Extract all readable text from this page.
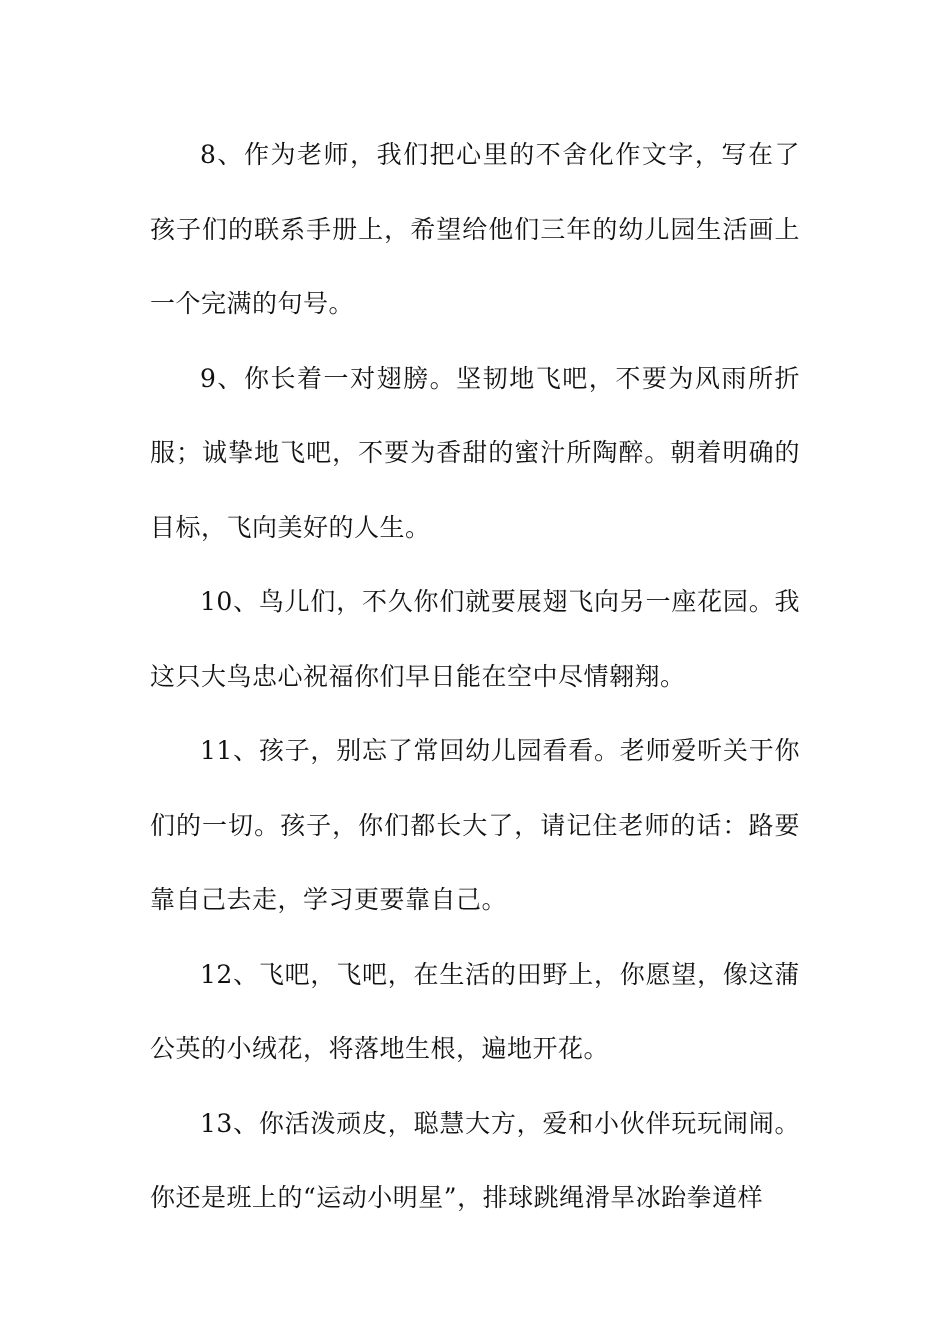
8、作为老师，我们把心里的不舍化作文字，写在了孩子们的联系手册上，希望给他们三年的幼儿园生活画上一个完满的句号。

9、你长着一对翅膀。坚韧地飞吧，不要为风雨所折服；诚挚地飞吧，不要为香甜的蜜汁所陶醉。朝着明确的目标，飞向美好的人生。

10、鸟儿们，不久你们就要展翅飞向另一座花园。我这只大鸟忠心祝福你们早日能在空中尽情翱翔。

11、孩子，别忘了常回幼儿园看看。老师爱听关于你们的一切。孩子，你们都长大了，请记住老师的话：路要靠自己去走，学习更要靠自己。

12、飞吧，飞吧，在生活的田野上，你愿望，像这蒲公英的小绒花，将落地生根，遍地开花。

13、你活泼顽皮，聪慧大方，爱和小伙伴玩玩闹闹。你还是班上的“运动小明星”，排球跳绳滑旱冰跆拳道样
